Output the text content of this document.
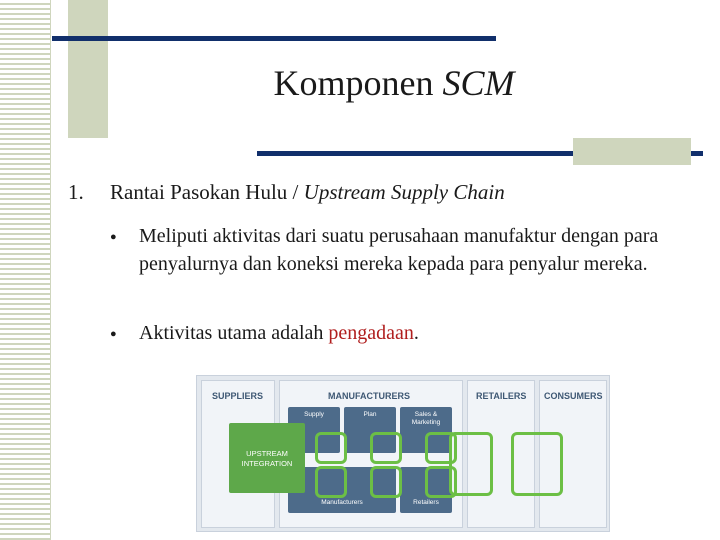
Komponen SCM
1. Rantai Pasokan Hulu / Upstream Supply Chain
● Meliputi aktivitas dari suatu perusahaan manufaktur dengan para penyalurnya dan koneksi mereka kepada para penyalur mereka.
● Aktivitas utama adalah pengadaan.
SUPPLIERS	MANUFACTURERS
Supply	Plan	Sales & Marketing
Manufacturers	Retailers
RETAILERS CONSUMERS
UPSTREAM INTEGRATION
